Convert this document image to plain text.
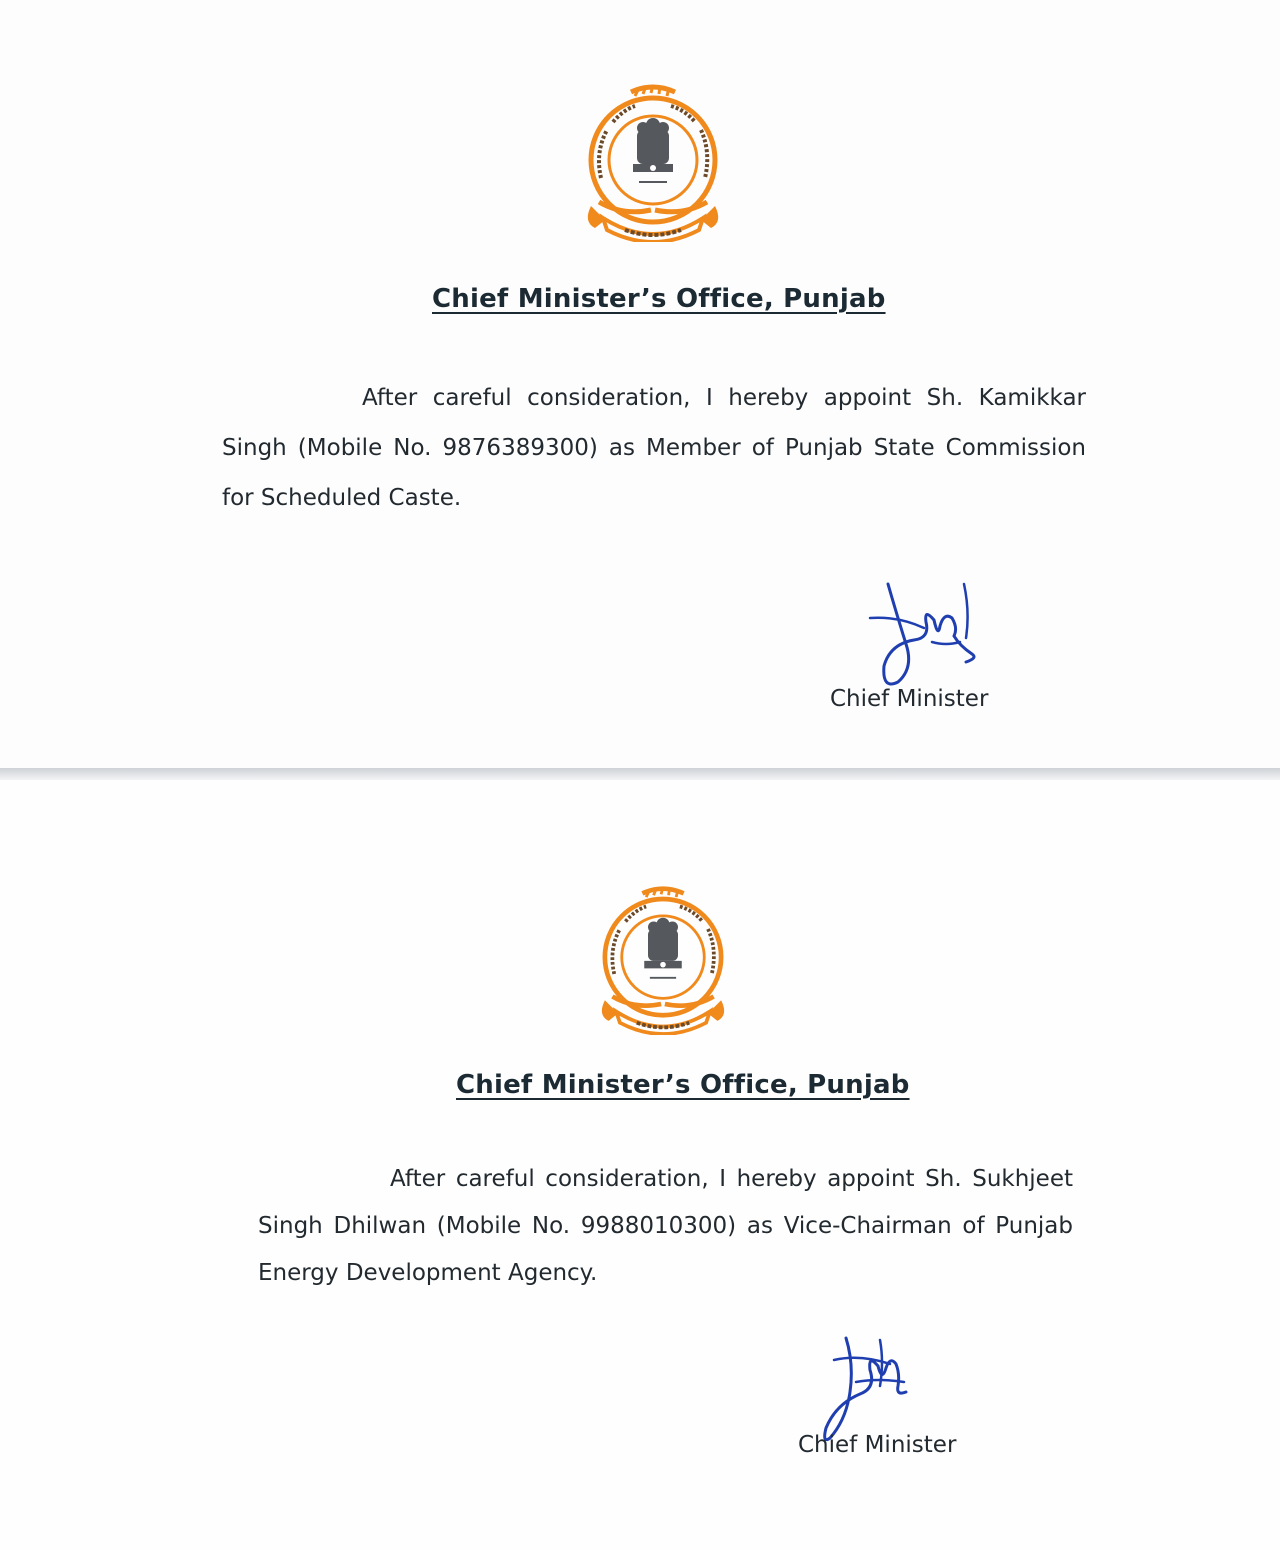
Chief Minister’s Office, Punjab

After careful consideration, I hereby appoint Sh. Kamikkar Singh (Mobile No. 9876389300) as Member of Punjab State Commission for Scheduled Caste.

Chief Minister

Chief Minister’s Office, Punjab

After careful consideration, I hereby appoint Sh. Sukhjeet Singh Dhilwan (Mobile No. 9988010300) as Vice-Chairman of Punjab Energy Development Agency.

Chief Minister
